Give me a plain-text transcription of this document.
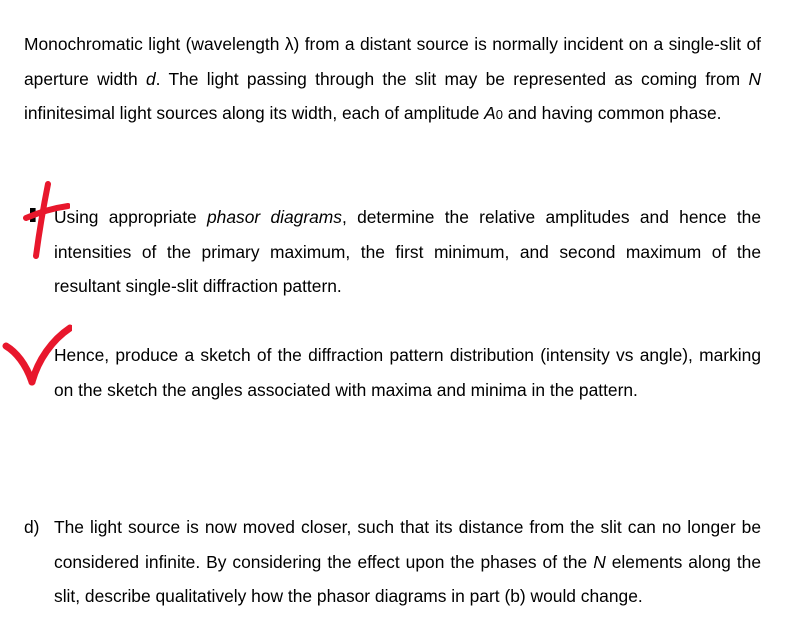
Monochromatic light (wavelength λ) from a distant source is normally incident on a single-slit of aperture width d. The light passing through the slit may be represented as coming from N infinitesimal light sources along its width, each of amplitude A0 and having common phase.

Using appropriate phasor diagrams, determine the relative amplitudes and hence the intensities of the primary maximum, the first minimum, and second maximum of the resultant single-slit diffraction pattern.

Hence, produce a sketch of the diffraction pattern distribution (intensity vs angle), marking on the sketch the angles associated with maxima and minima in the pattern.

d) The light source is now moved closer, such that its distance from the slit can no longer be considered infinite. By considering the effect upon the phases of the N elements along the slit, describe qualitatively how the phasor diagrams in part (b) would change.
